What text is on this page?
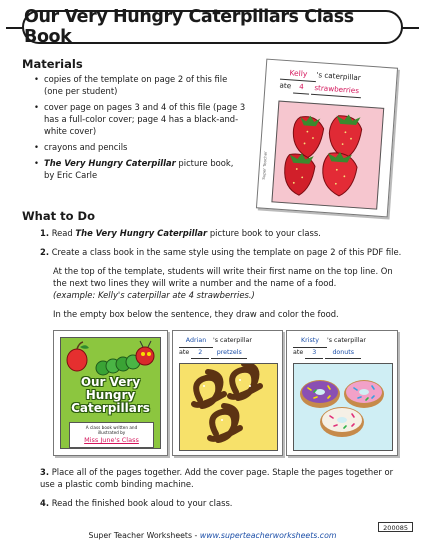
Our Very Hungry Caterpillars Class Book
Materials
• copies of the template on page 2 of this file (one per student)
• cover page on pages 3 and 4 of this file (page 3 has a full-color cover; page 4 has a black-and-white cover)
• crayons and pencils
• The Very Hungry Caterpillar picture book, by Eric Carle
Kelly 's caterpillar
ate 4 strawberries
Super Teacher
What to Do
1. Read The Very Hungry Caterpillar picture book to your class.
2. Create a class book in the same style using the template on page 2 of this PDF file.
At the top of the template, students will write their first name on the top line. On the next two lines they will write a number and the name of a food.
(example: Kelly's caterpillar ate 4 strawberries.)
In the empty box below the sentence, they draw and color the food.
Our Very
Hungry
Caterpillars
A class book written and illustrated by
Miss June's Class
Adrian 's caterpillar
ate 2 pretzels
Kristy 's caterpillar
ate 3	donuts
3. Place all of the pages together. Add the cover page. Staple the pages together or use a plastic comb binding machine.
4. Read the finished book aloud to your class.
Super Teacher Worksheets - www.superteacherworksheets.com
200085
